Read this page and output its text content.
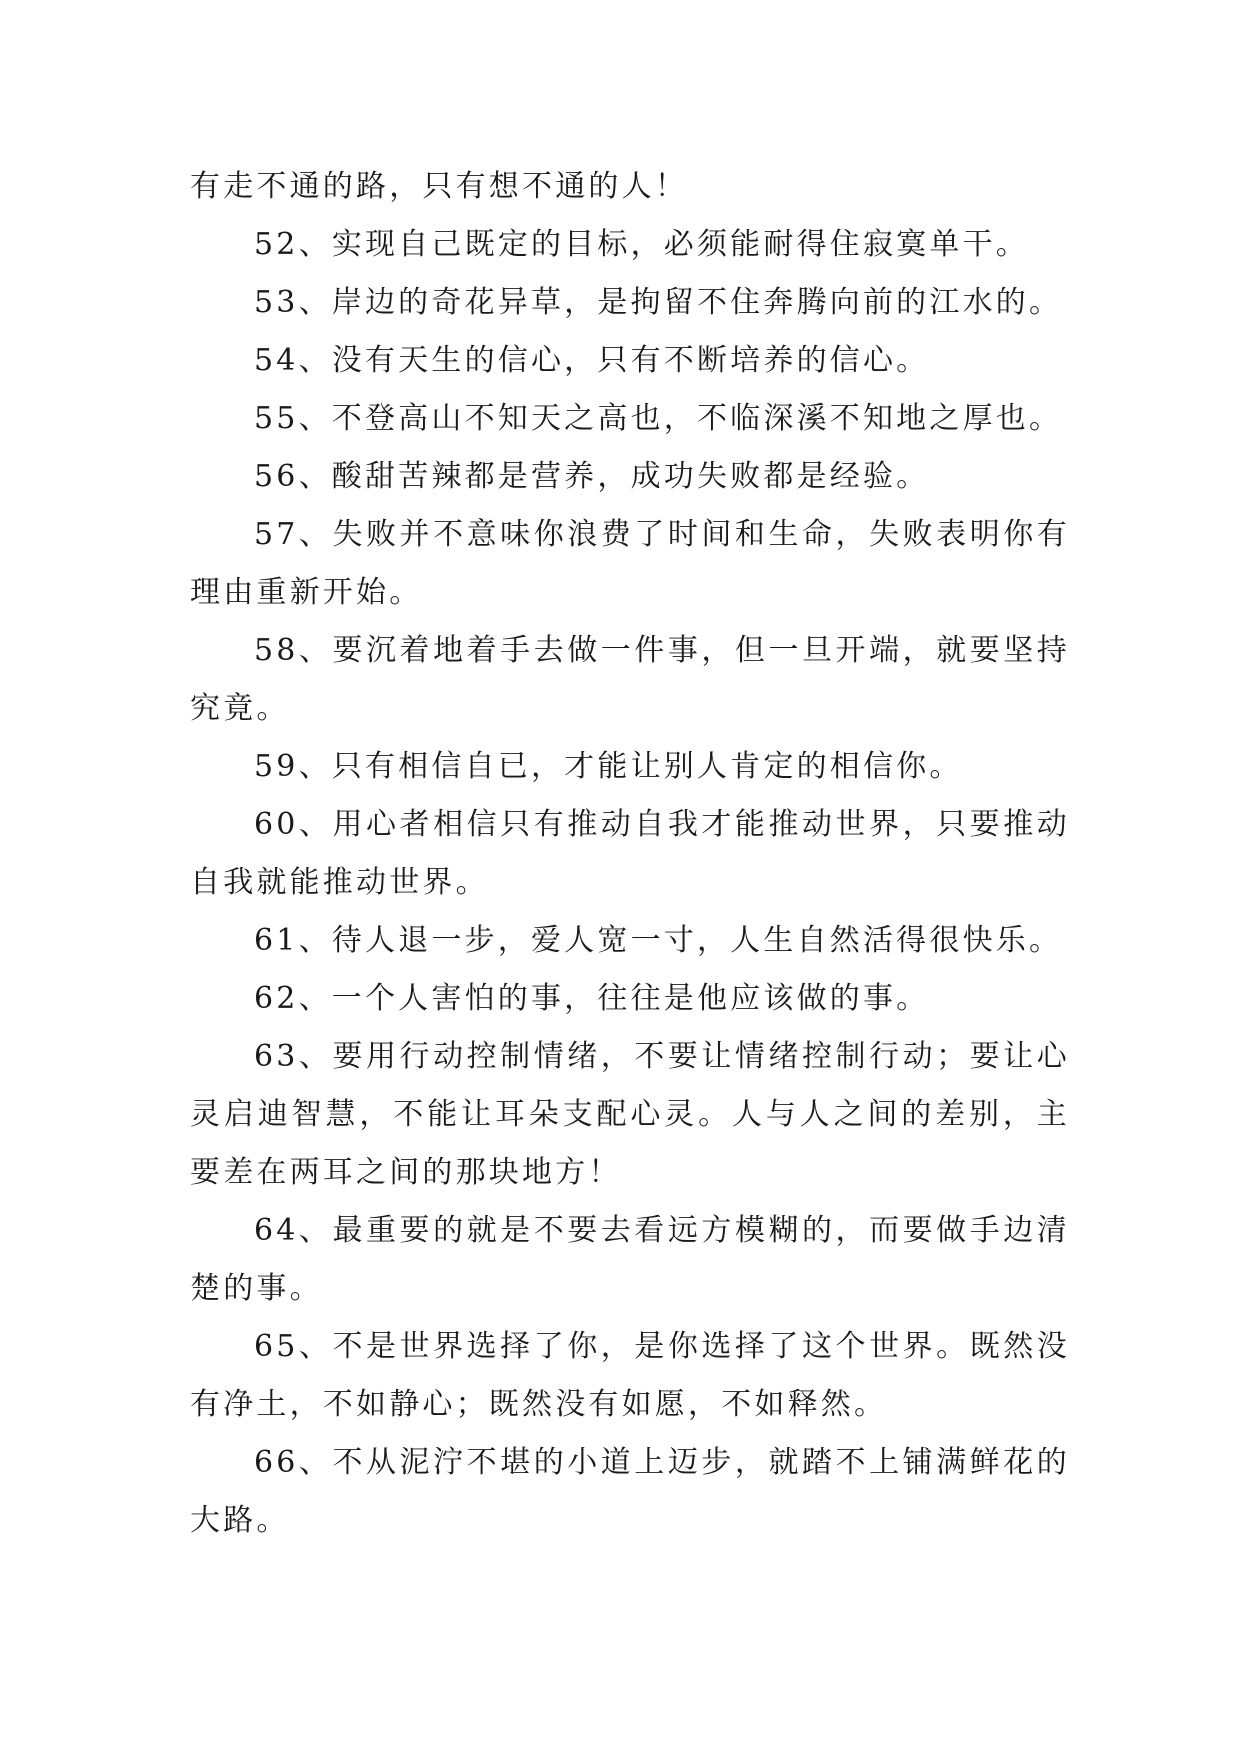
有走不通的路，只有想不通的人！

52、实现自己既定的目标，必须能耐得住寂寞单干。

53、岸边的奇花异草，是拘留不住奔腾向前的江水的。

54、没有天生的信心，只有不断培养的信心。

55、不登高山不知天之高也，不临深溪不知地之厚也。

56、酸甜苦辣都是营养，成功失败都是经验。

57、失败并不意味你浪费了时间和生命，失败表明你有理由重新开始。

58、要沉着地着手去做一件事，但一旦开端，就要坚持究竟。

59、只有相信自已，才能让别人肯定的相信你。

60、用心者相信只有推动自我才能推动世界，只要推动自我就能推动世界。

61、待人退一步，爱人宽一寸，人生自然活得很快乐。

62、一个人害怕的事，往往是他应该做的事。

63、要用行动控制情绪，不要让情绪控制行动；要让心灵启迪智慧，不能让耳朵支配心灵。人与人之间的差别，主要差在两耳之间的那块地方！

64、最重要的就是不要去看远方模糊的，而要做手边清楚的事。

65、不是世界选择了你，是你选择了这个世界。既然没有净土，不如静心；既然没有如愿，不如释然。

66、不从泥泞不堪的小道上迈步，就踏不上铺满鲜花的大路。
